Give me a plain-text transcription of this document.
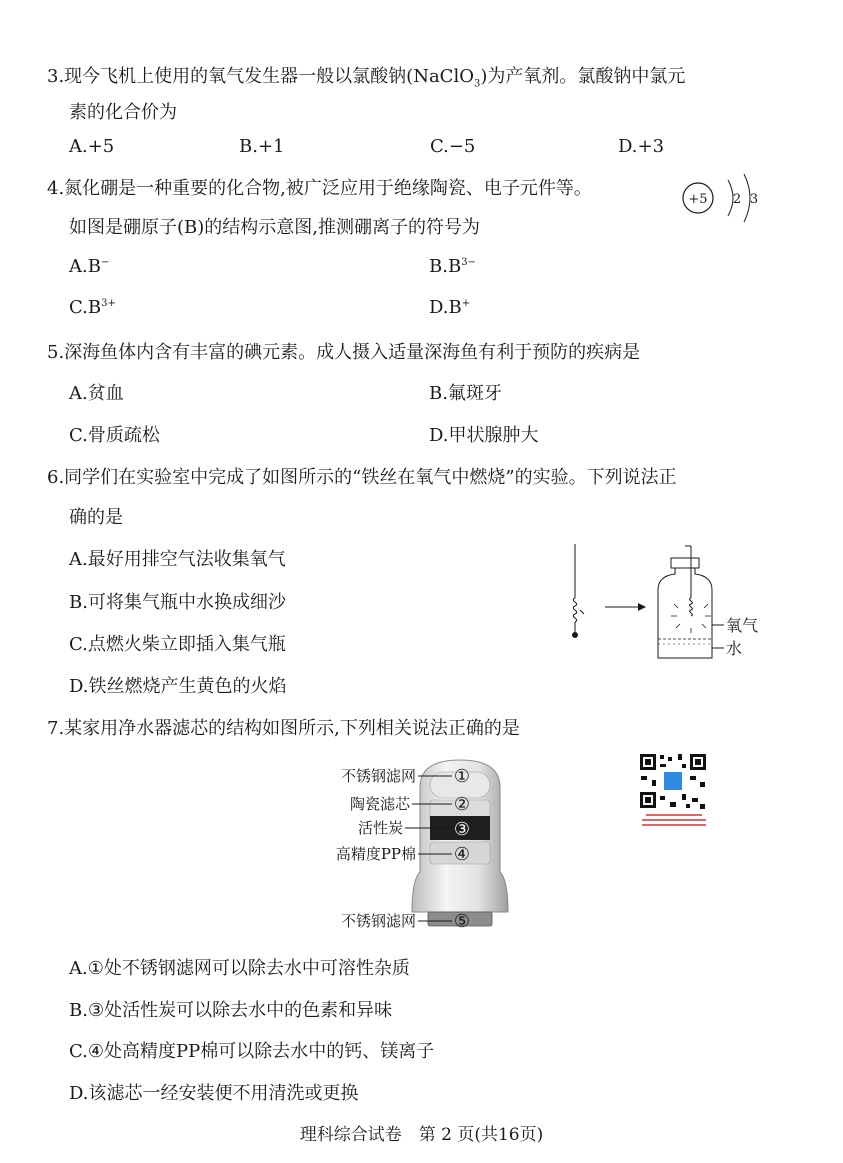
3.现今飞机上使用的氧气发生器一般以氯酸钠(NaClO$_3$)为产氧剂。氯酸钠中氯元
素的化合价为
A.+5	B.+1	C.−5	D.+3
4.氮化硼是一种重要的化合物,被广泛应用于绝缘陶瓷、电子元件等。
如图是硼原子(B)的结构示意图,推测硼离子的符号为
+5 2 3
A.B−	$B.B^{3-}$
$C.B^{3+}$	D.B+
5.深海鱼体内含有丰富的碘元素。成人摄入适量深海鱼有利于预防的疾病是
A.贫血	B.氟斑牙
C.骨质疏松	D.甲状腺肿大
6.同学们在实验室中完成了如图所示的“铁丝在氧气中燃烧”的实验。下列说法正
确的是
A.最好用排空气法收集氧气
B.可将集气瓶中水换成细沙
C.点燃火柴立即插入集气瓶
D.铁丝燃烧产生黄色的火焰
氧气
水
7.某家用净水器滤芯的结构如图所示,下列相关说法正确的是
不锈钢滤网
陶瓷滤芯
活性炭
高精度PP棉
不锈钢滤网
①
②
③
④
⑤
A.①处不锈钢滤网可以除去水中可溶性杂质
B.③处活性炭可以除去水中的色素和异味
C.④处高精度PP棉可以除去水中的钙、镁离子
D.该滤芯一经安装便不用清洗或更换
理科综合试卷　第 2 页(共16页)
